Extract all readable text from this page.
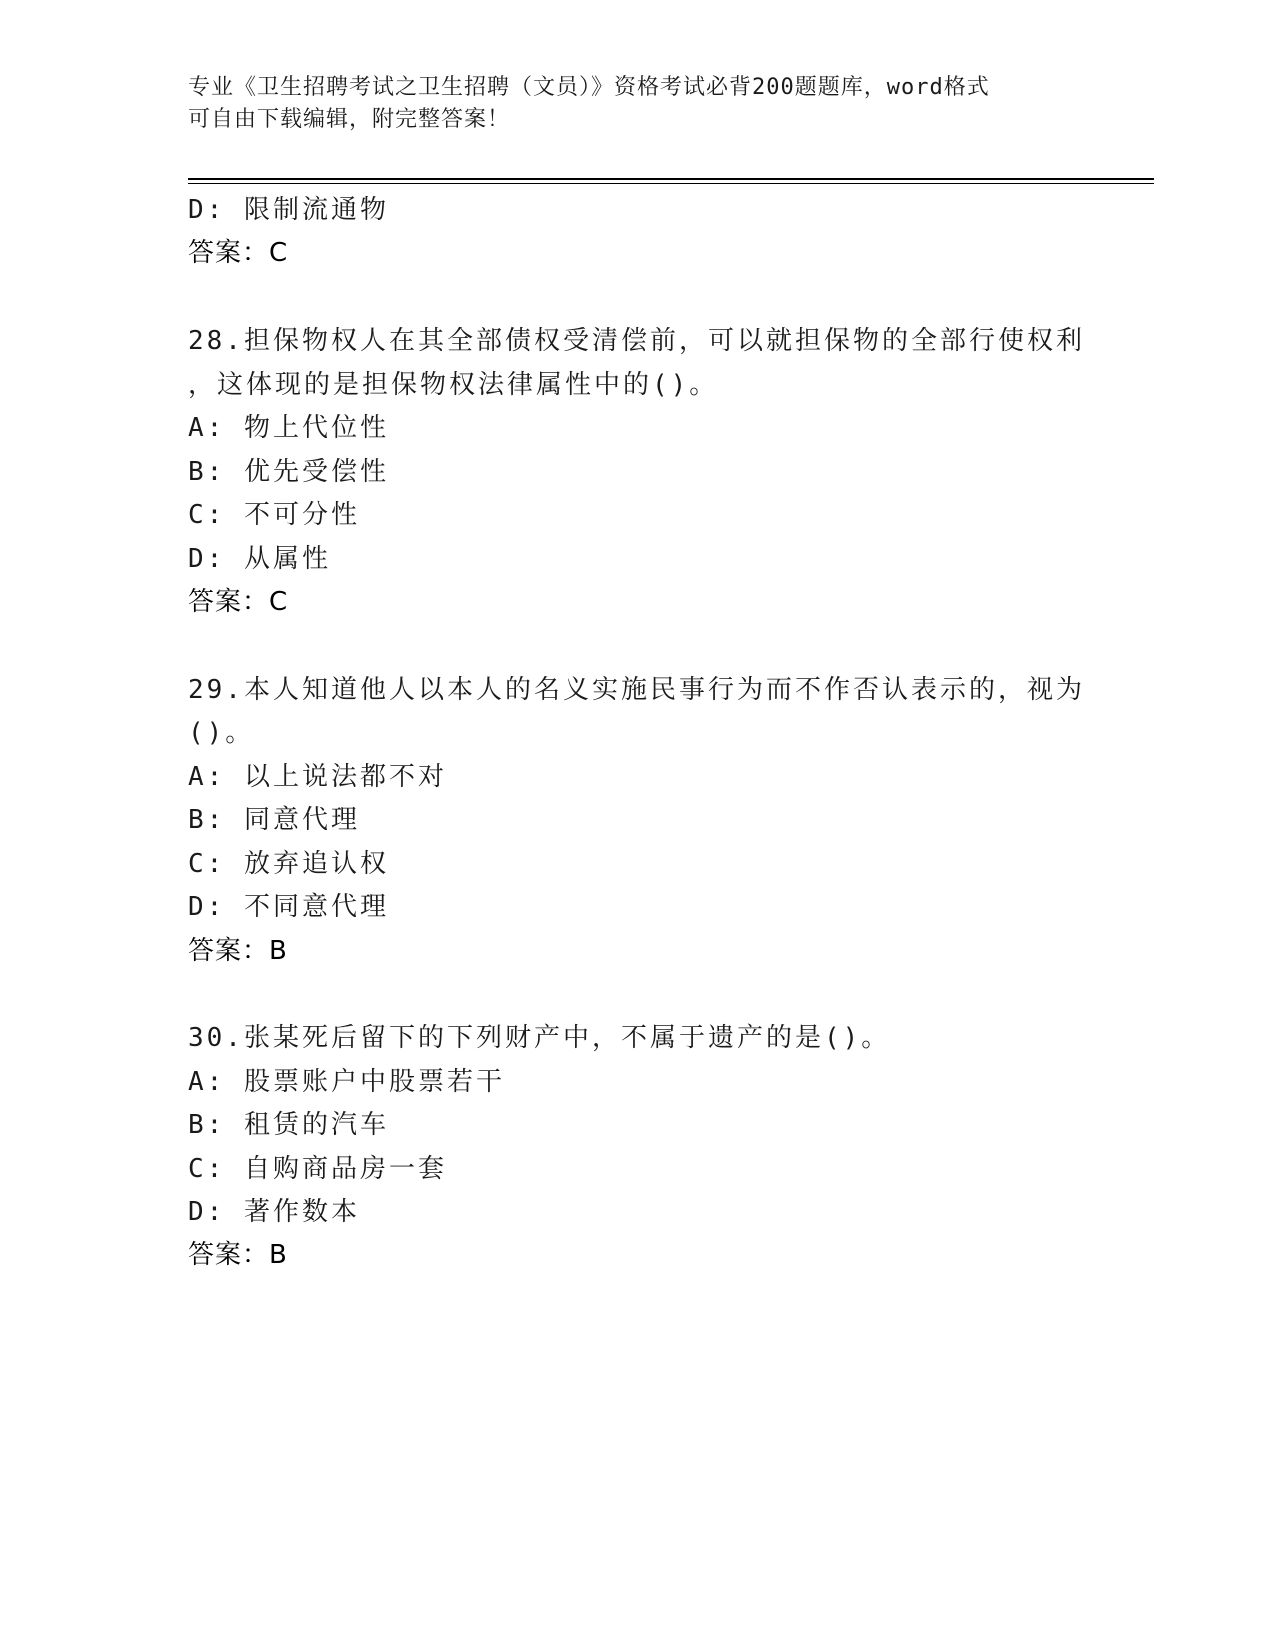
专业《卫生招聘考试之卫生招聘（文员）》资格考试必背200题题库，word格式
可自由下载编辑，附完整答案！
D: 限制流通物
答案：C
28.担保物权人在其全部债权受清偿前，可以就担保物的全部行使权利
，这体现的是担保物权法律属性中的()。
A: 物上代位性
B: 优先受偿性
C: 不可分性
D: 从属性
答案：C
29.本人知道他人以本人的名义实施民事行为而不作否认表示的，视为
()。
A: 以上说法都不对
B: 同意代理
C: 放弃追认权
D: 不同意代理
答案：B
30.张某死后留下的下列财产中，不属于遗产的是()。
A: 股票账户中股票若干
B: 租赁的汽车
C: 自购商品房一套
D: 著作数本
答案：B
